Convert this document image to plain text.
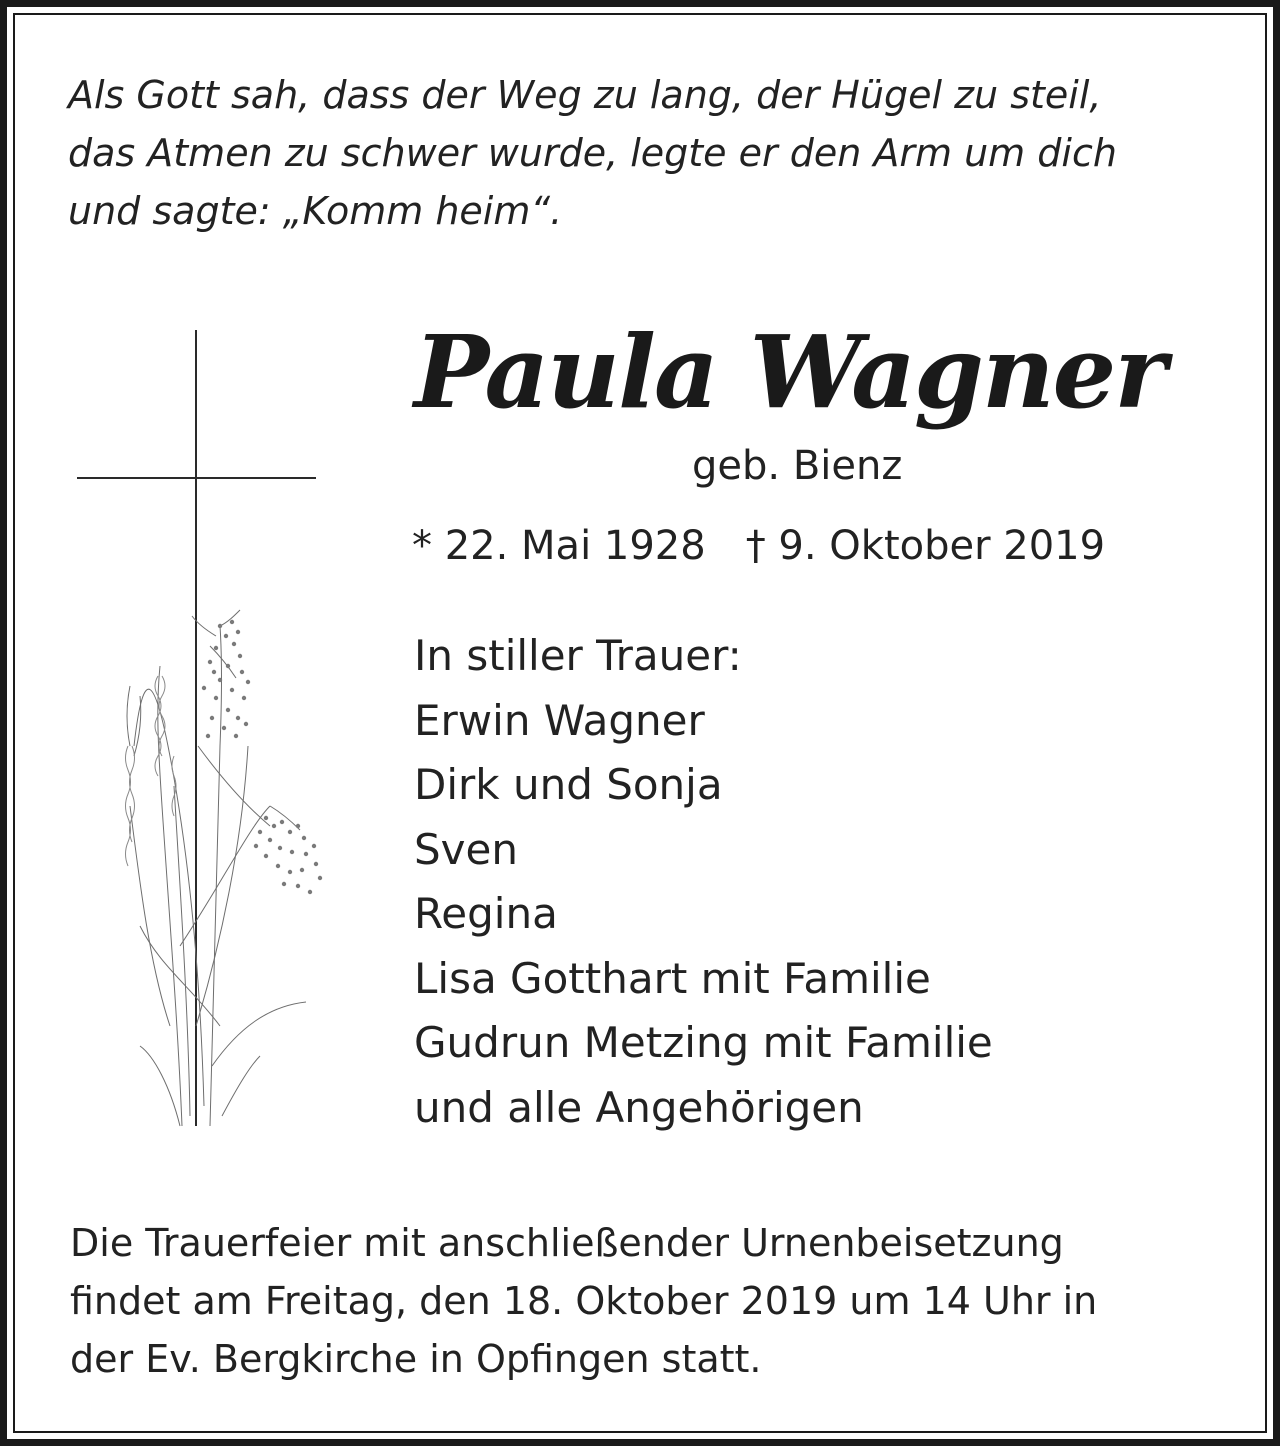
Als Gott sah, dass der Weg zu lang, der Hügel zu steil,
das Atmen zu schwer wurde, legte er den Arm um dich
und sagte: „Komm heim“.

Paula Wagner

geb. Bienz

* 22. Mai 1928 † 9. Oktober 2019

In stiller Trauer:
Erwin Wagner
Dirk und Sonja
Sven
Regina
Lisa Gotthart mit Familie
Gudrun Metzing mit Familie
und alle Angehörigen

Die Trauerfeier mit anschließender Urnenbeisetzung
findet am Freitag, den 18. Oktober 2019 um 14 Uhr in
der Ev. Bergkirche in Opfingen statt.
